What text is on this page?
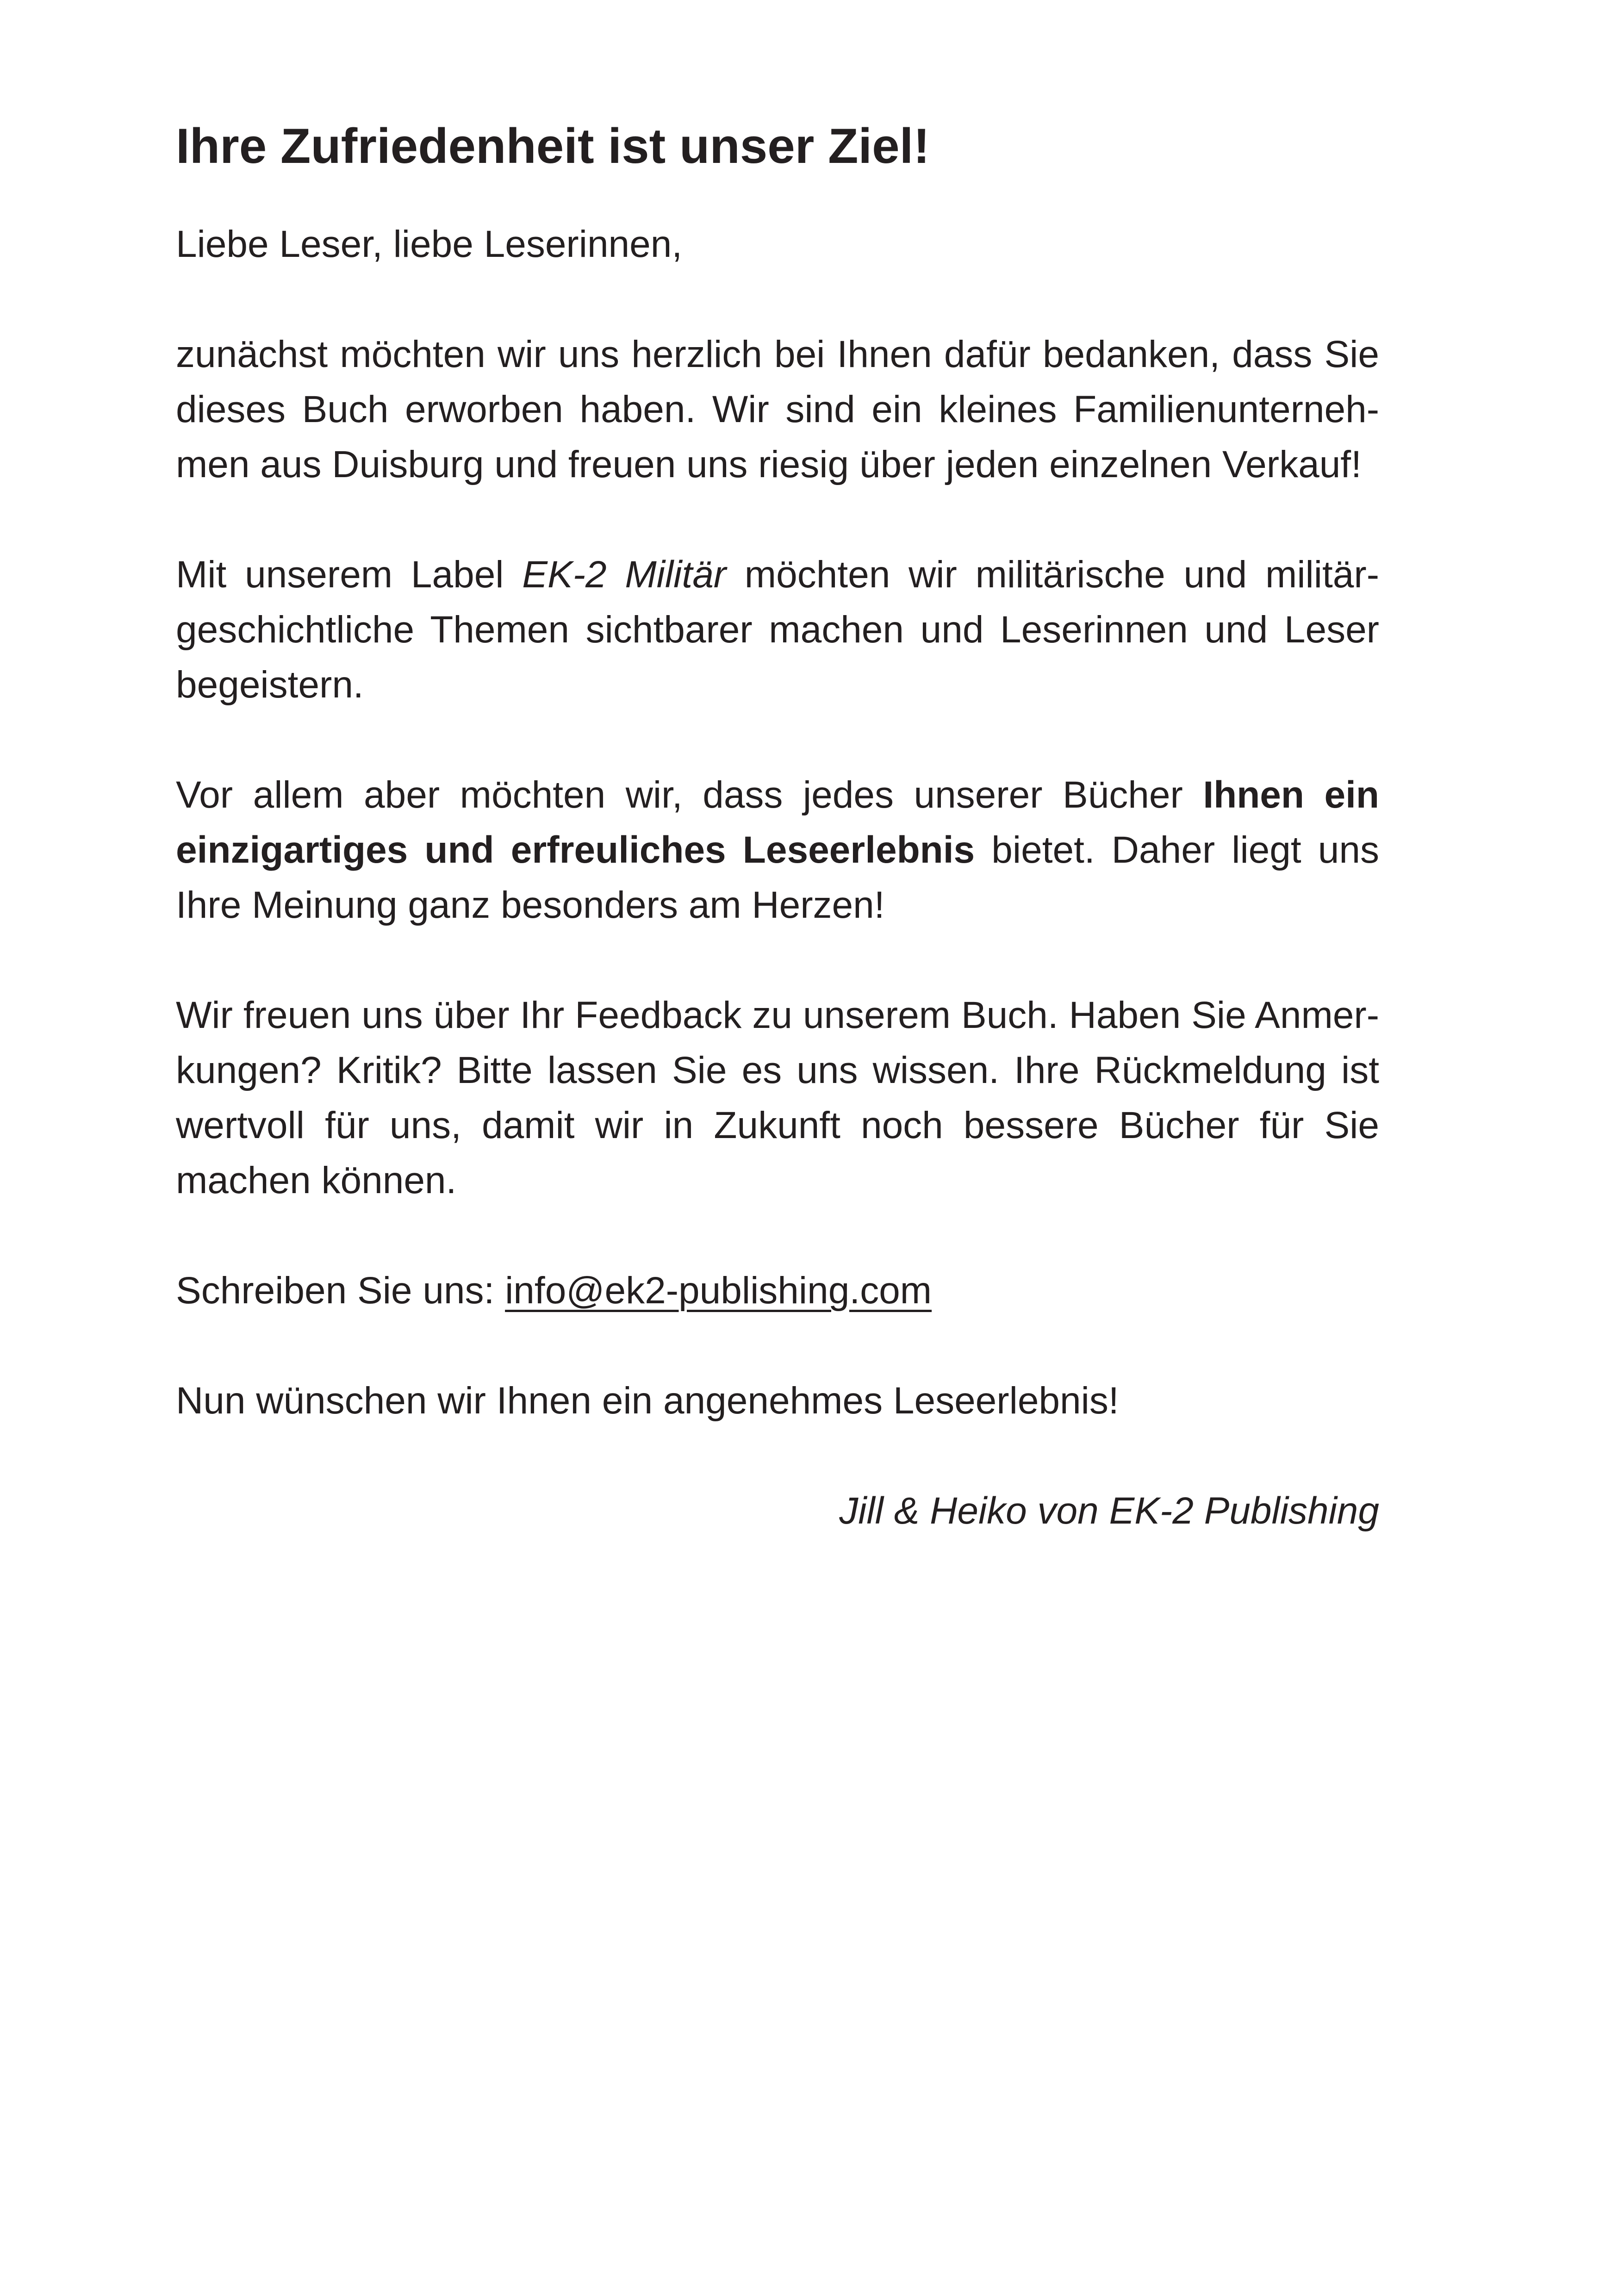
Ihre Zufriedenheit ist unser Ziel!

Liebe Leser, liebe Leserinnen,

zunächst möchten wir uns herzlich bei Ihnen dafür bedanken, dass Sie dieses Buch erworben haben. Wir sind ein kleines Familienunternehmen aus Duisburg und freuen uns riesig über jeden einzelnen Verkauf!

Mit unserem Label EK-2 Militär möchten wir militärische und militärgeschichtliche Themen sichtbarer machen und Leserinnen und Leser begeistern.

Vor allem aber möchten wir, dass jedes unserer Bücher Ihnen ein einzigartiges und erfreuliches Leseerlebnis bietet. Daher liegt uns Ihre Meinung ganz besonders am Herzen!

Wir freuen uns über Ihr Feedback zu unserem Buch. Haben Sie Anmerkungen? Kritik? Bitte lassen Sie es uns wissen. Ihre Rückmeldung ist wertvoll für uns, damit wir in Zukunft noch bessere Bücher für Sie machen können.

Schreiben Sie uns: info@ek2-publishing.com

Nun wünschen wir Ihnen ein angenehmes Leseerlebnis!

Jill & Heiko von EK-2 Publishing
